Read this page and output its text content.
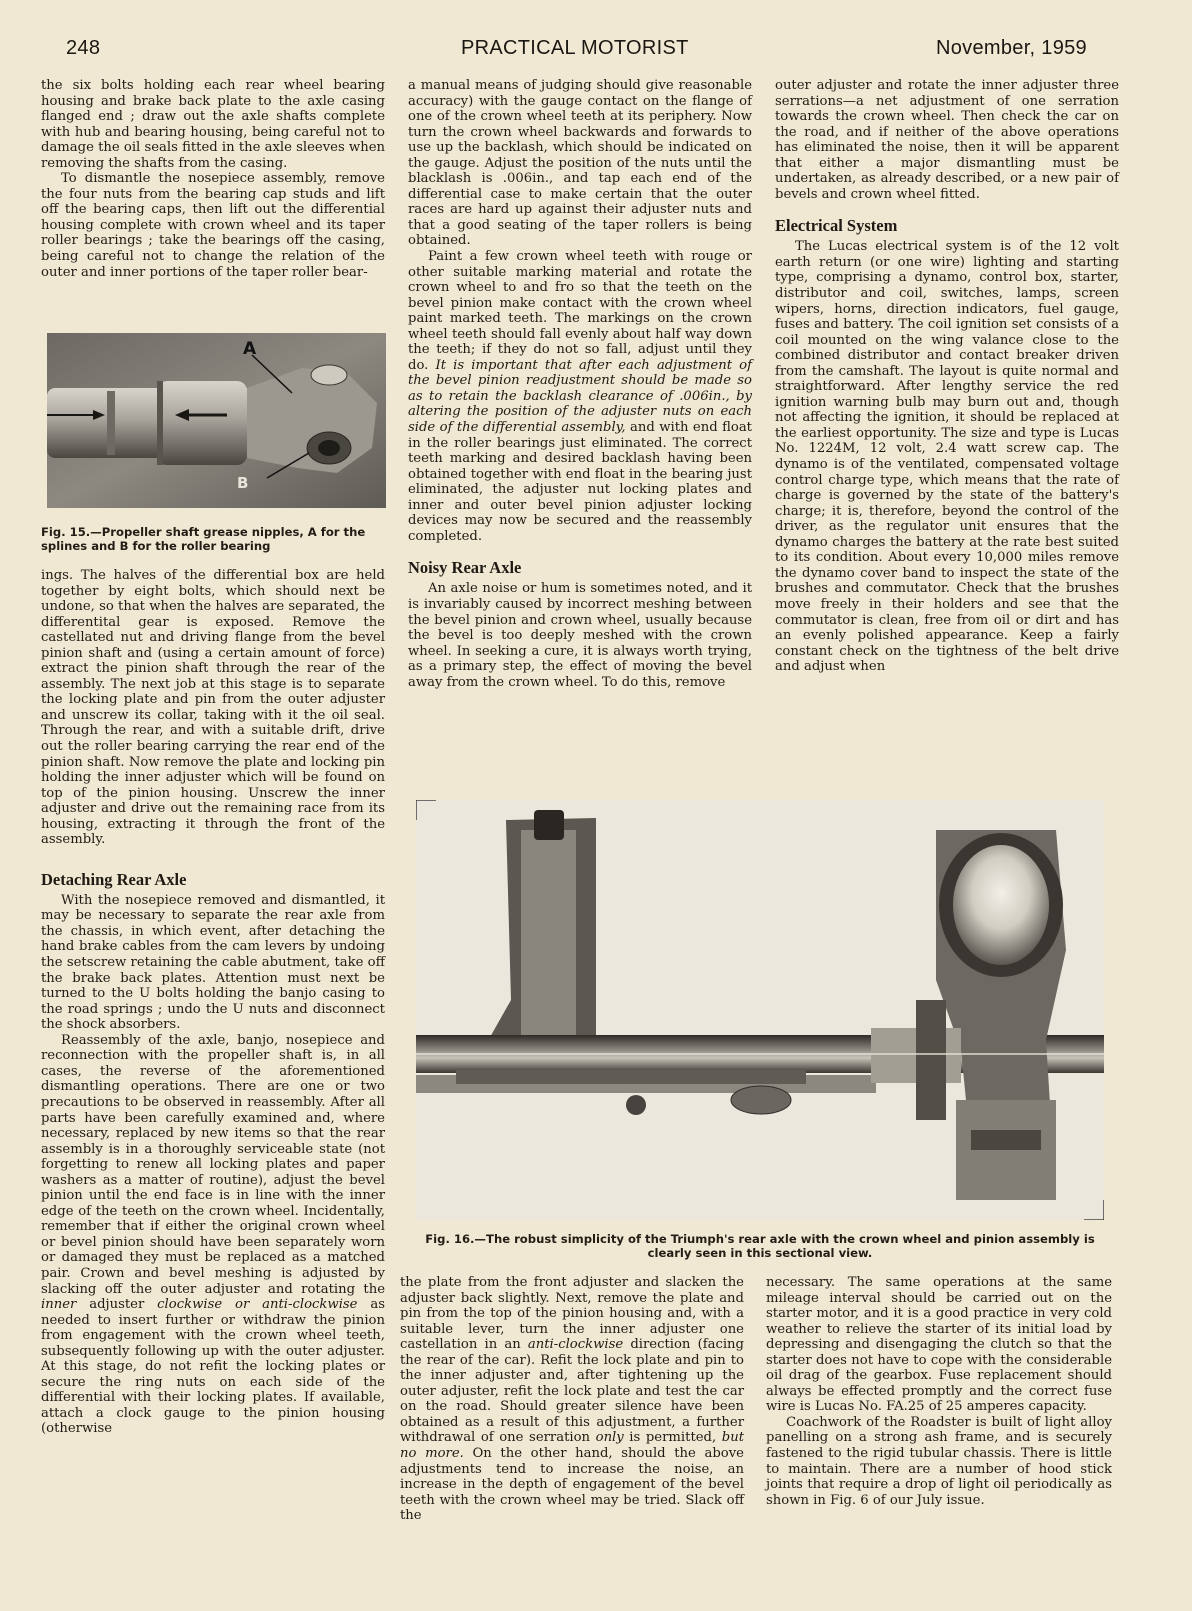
248	PRACTICAL MOTORIST	November, 1959

the six bolts holding each rear wheel bearing housing and brake back plate to the axle casing flanged end ; draw out the axle shafts complete with hub and bearing housing, being careful not to damage the oil seals fitted in the axle sleeves when removing the shafts from the casing.

To dismantle the nosepiece assembly, remove the four nuts from the bearing cap studs and lift off the bearing caps, then lift out the differential housing complete with crown wheel and its taper roller bearings ; take the bearings off the casing, being careful not to change the relation of the outer and inner portions of the taper roller bear-

A
B
Fig. 15.—Propeller shaft grease nipples, A for the splines and B for the roller bearing

ings. The halves of the differential box are held together by eight bolts, which should next be undone, so that when the halves are separated, the differentital gear is exposed. Remove the castellated nut and driving flange from the bevel pinion shaft and (using a certain amount of force) extract the pinion shaft through the rear of the assembly. The next job at this stage is to separate the locking plate and pin from the outer adjuster and unscrew its collar, taking with it the oil seal. Through the rear, and with a suitable drift, drive out the roller bearing carrying the rear end of the pinion shaft. Now remove the plate and locking pin holding the inner adjuster which will be found on top of the pinion housing. Unscrew the inner adjuster and drive out the remaining race from its housing, extracting it through the front of the assembly.

Detaching Rear Axle

With the nosepiece removed and dismantled, it may be necessary to separate the rear axle from the chassis, in which event, after detaching the hand brake cables from the cam levers by undoing the setscrew retaining the cable abutment, take off the brake back plates. Attention must next be turned to the U bolts holding the banjo casing to the road springs ; undo the U nuts and disconnect the shock absorbers.

Reassembly of the axle, banjo, nosepiece and reconnection with the propeller shaft is, in all cases, the reverse of the aforementioned dismantling operations. There are one or two precautions to be observed in reassembly. After all parts have been carefully examined and, where necessary, replaced by new items so that the rear assembly is in a thoroughly serviceable state (not forgetting to renew all locking plates and paper washers as a matter of routine), adjust the bevel pinion until the end face is in line with the inner edge of the teeth on the crown wheel. Incidentally, remember that if either the original crown wheel or bevel pinion should have been separately worn or damaged they must be replaced as a matched pair. Crown and bevel meshing is adjusted by slacking off the outer adjuster and rotating the inner adjuster clockwise or anti-clockwise as needed to insert further or withdraw the pinion from engagement with the crown wheel teeth, subsequently following up with the outer adjuster. At this stage, do not refit the locking plates or secure the ring nuts on each side of the differential with their locking plates. If available, attach a clock gauge to the pinion housing (otherwise

a manual means of judging should give reasonable accuracy) with the gauge contact on the flange of one of the crown wheel teeth at its periphery. Now turn the crown wheel backwards and forwards to use up the backlash, which should be indicated on the gauge. Adjust the position of the nuts until the blacklash is .006in., and tap each end of the differential case to make certain that the outer races are hard up against their adjuster nuts and that a good seating of the taper rollers is being obtained.

Paint a few crown wheel teeth with rouge or other suitable marking material and rotate the crown wheel to and fro so that the teeth on the bevel pinion make contact with the crown wheel paint marked teeth. The markings on the crown wheel teeth should fall evenly about half way down the teeth; if they do not so fall, adjust until they do. It is important that after each adjustment of the bevel pinion readjustment should be made so as to retain the backlash clearance of .006in., by altering the position of the adjuster nuts on each side of the differential assembly, and with end float in the roller bearings just eliminated. The correct teeth marking and desired backlash having been obtained together with end float in the bearing just eliminated, the adjuster nut locking plates and inner and outer bevel pinion adjuster locking devices may now be secured and the reassembly completed.

Noisy Rear Axle

An axle noise or hum is sometimes noted, and it is invariably caused by incorrect meshing between the bevel pinion and crown wheel, usually because the bevel is too deeply meshed with the crown wheel. In seeking a cure, it is always worth trying, as a primary step, the effect of moving the bevel away from the crown wheel. To do this, remove

outer adjuster and rotate the inner adjuster three serrations—a net adjustment of one serration towards the crown wheel. Then check the car on the road, and if neither of the above operations has eliminated the noise, then it will be apparent that either a major dismantling must be undertaken, as already described, or a new pair of bevels and crown wheel fitted.

Electrical System

The Lucas electrical system is of the 12 volt earth return (or one wire) lighting and starting type, comprising a dynamo, control box, starter, distributor and coil, switches, lamps, screen wipers, horns, direction indicators, fuel gauge, fuses and battery. The coil ignition set consists of a coil mounted on the wing valance close to the combined distributor and contact breaker driven from the camshaft. The layout is quite normal and straightforward. After lengthy service the red ignition warning bulb may burn out and, though not affecting the ignition, it should be replaced at the earliest opportunity. The size and type is Lucas No. 1224M, 12 volt, 2.4 watt screw cap. The dynamo is of the ventilated, compensated voltage control charge type, which means that the rate of charge is governed by the state of the battery's charge; it is, therefore, beyond the control of the driver, as the regulator unit ensures that the dynamo charges the battery at the rate best suited to its condition. About every 10,000 miles remove the dynamo cover band to inspect the state of the brushes and commutator. Check that the brushes move freely in their holders and see that the commutator is clean, free from oil or dirt and has an evenly polished appearance. Keep a fairly constant check on the tightness of the belt drive and adjust when

Fig. 16.—The robust simplicity of the Triumph's rear axle with the crown wheel and pinion assembly is clearly seen in this sectional view.

the plate from the front adjuster and slacken the adjuster back slightly. Next, remove the plate and pin from the top of the pinion housing and, with a suitable lever, turn the inner adjuster one castellation in an anti-clockwise direction (facing the rear of the car). Refit the lock plate and pin to the inner adjuster and, after tightening up the outer adjuster, refit the lock plate and test the car on the road. Should greater silence have been obtained as a result of this adjustment, a further withdrawal of one serration only is permitted, but no more. On the other hand, should the above adjustments tend to increase the noise, an increase in the depth of engagement of the bevel teeth with the crown wheel may be tried. Slack off the

necessary. The same operations at the same mileage interval should be carried out on the starter motor, and it is a good practice in very cold weather to relieve the starter of its initial load by depressing and disengaging the clutch so that the starter does not have to cope with the considerable oil drag of the gearbox. Fuse replacement should always be effected promptly and the correct fuse wire is Lucas No. FA.25 of 25 amperes capacity.

Coachwork of the Roadster is built of light alloy panelling on a strong ash frame, and is securely fastened to the rigid tubular chassis. There is little to maintain. There are a number of hood stick joints that require a drop of light oil periodically as shown in Fig. 6 of our July issue.
